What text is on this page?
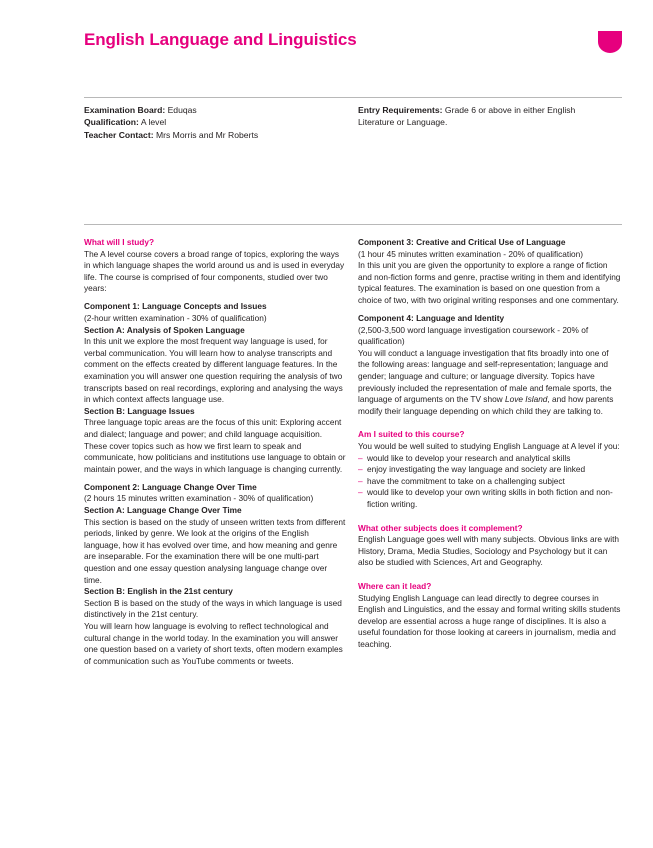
English Language and Linguistics

Examination Board: Eduqas

Qualification: A level

Teacher Contact: Mrs Morris and Mr Roberts

Entry Requirements: Grade 6 or above in either English Literature or Language.

What will I study?

The A level course covers a broad range of topics, exploring the ways in which language shapes the world around us and is used in everyday life. The course is comprised of four components, studied over two years:

Component 1: Language Concepts and Issues

(2-hour written examination - 30% of qualification)

Section A: Analysis of Spoken Language

In this unit we explore the most frequent way language is used, for verbal communication. You will learn how to analyse transcripts and comment on the effects created by different language features. In the examination you will answer one question requiring the analysis of two transcripts based on real recordings, exploring and analysing the ways in which context affects language use.

Section B: Language Issues

Three language topic areas are the focus of this unit: Exploring accent and dialect; language and power; and child language acquisition. These cover topics such as how we first learn to speak and communicate, how politicians and institutions use language to obtain or maintain power, and the ways in which language is changing currently.

Component 2: Language Change Over Time

(2 hours 15 minutes written examination - 30% of qualification)

Section A: Language Change Over Time

This section is based on the study of unseen written texts from different periods, linked by genre. We look at the origins of the English language, how it has evolved over time, and how meaning and genre are inseparable. For the examination there will be one multi-part question and one essay question analysing language change over time.

Section B: English in the 21st century

Section B is based on the study of the ways in which language is used distinctively in the 21st century.

You will learn how language is evolving to reflect technological and cultural change in the world today. In the examination you will answer one question based on a variety of short texts, often modern examples of communication such as YouTube comments or tweets.

Component 3: Creative and Critical Use of Language

(1 hour 45 minutes written examination - 20% of qualification)

In this unit you are given the opportunity to explore a range of fiction and non-fiction forms and genre, practise writing in them and identifying typical features. The examination is based on one question from a choice of two, with two original writing responses and one commentary.

Component 4: Language and Identity

(2,500-3,500 word language investigation coursework - 20% of qualification)

You will conduct a language investigation that fits broadly into one of the following areas: language and self-representation; language and gender; language and culture; or language diversity. Topics have previously included the representation of male and female sports, the language of arguments on the TV show Love Island, and how parents modify their language depending on which child they are talking to.

Am I suited to this course?

You would be well suited to studying English Language at A level if you:

– would like to develop your research and analytical skills
– enjoy investigating the way language and society are linked
– have the commitment to take on a challenging subject
– would like to develop your own writing skills in both fiction and non-fiction writing.

What other subjects does it complement?

English Language goes well with many subjects. Obvious links are with History, Drama, Media Studies, Sociology and Psychology but it can also be studied with Sciences, Art and Geography.

Where can it lead?

Studying English Language can lead directly to degree courses in English and Linguistics, and the essay and formal writing skills students develop are essential across a huge range of disciplines. It is also a useful foundation for those looking at careers in journalism, media and teaching.
